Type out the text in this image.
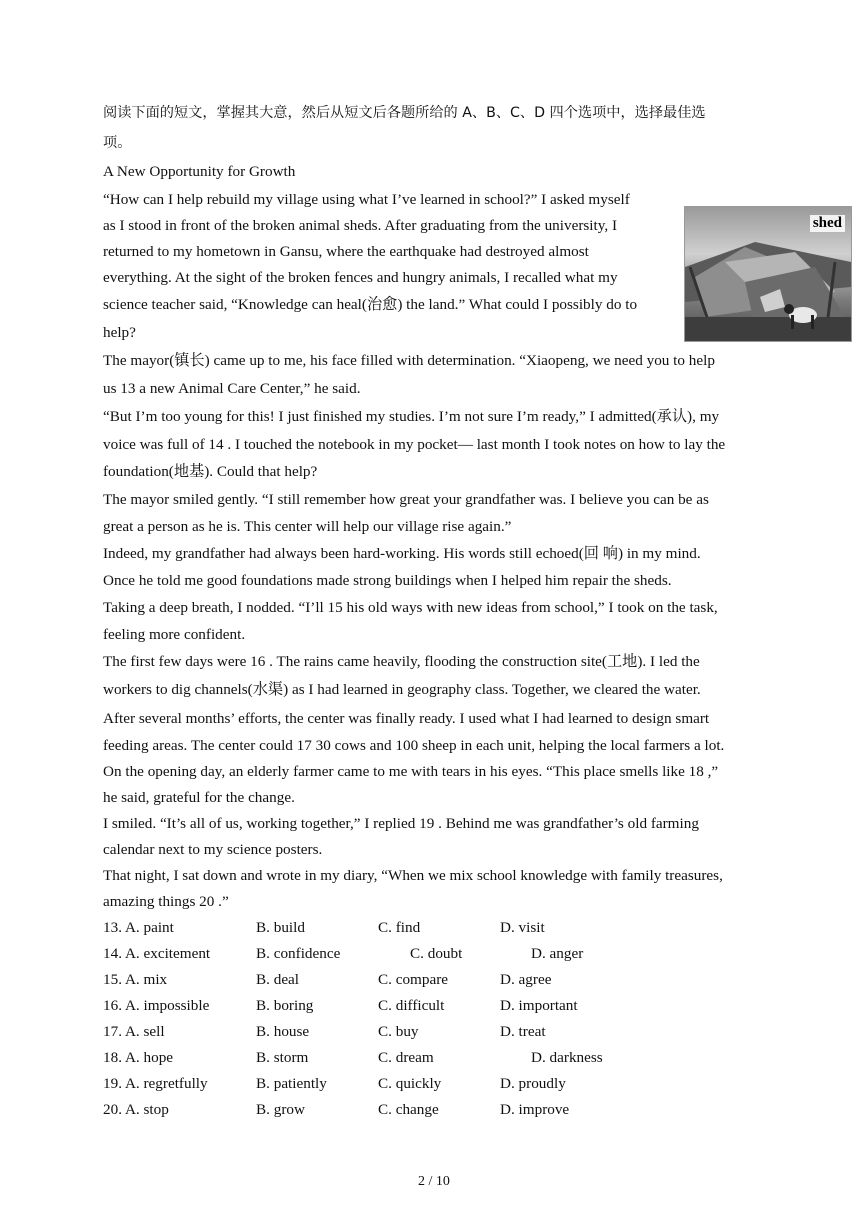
阅读下面的短文，掌握其大意，然后从短文后各题所给的 A、B、C、D 四个选项中，选择最佳选
项。
A New Opportunity for Growth
“How can I help rebuild my village using what I’ve learned in school?” I asked myself
as I stood in front of the broken animal sheds. After graduating from the university, I
returned to my hometown in Gansu, where the earthquake had destroyed almost
everything. At the sight of the broken fences and hungry animals, I recalled what my
science teacher said, “Knowledge can heal(治愈) the land.” What could I possibly do to
help?
The mayor(镇长) came up to me, his face filled with determination. “Xiaopeng, we need you to help
us 13 a new Animal Care Center,” he said.
“But I’m too young for this! I just finished my studies. I’m not sure I’m ready,” I admitted(承认), my
voice was full of 14 . I touched the notebook in my pocket— last month I took notes on how to lay the
foundation(地基). Could that help?
The mayor smiled gently. “I still remember how great your grandfather was. I believe you can be as
great a person as he is. This center will help our village rise again.”
Indeed, my grandfather had always been hard-working. His words still echoed(回 响) in my mind.
Once he told me good foundations made strong buildings when I helped him repair the sheds.
Taking a deep breath, I nodded. “I’ll 15 his old ways with new ideas from school,” I took on the task,
feeling more confident.
The first few days were 16 . The rains came heavily, flooding the construction site(工地). I led the
workers to dig channels(水渠) as I had learned in geography class. Together, we cleared the water.
After several months’ efforts, the center was finally ready. I used what I had learned to design smart
feeding areas. The center could 17 30 cows and 100 sheep in each unit, helping the local farmers a lot.
On the opening day, an elderly farmer came to me with tears in his eyes. “This place smells like 18 ,”
he said, grateful for the change.
I smiled. “It’s all of us, working together,” I replied 19 . Behind me was grandfather’s old farming
calendar next to my science posters.
That night, I sat down and wrote in my diary, “When we mix school knowledge with family treasures,
amazing things 20 .”
shed
13. A. paint	B. build	C. find	D. visit
14. A. excitement	B. confidence	C. doubt	D. anger
15. A. mix	B. deal	C. compare	D. agree
16. A. impossible	B. boring	C. difficult	D. important
17. A. sell	B. house	C. buy	D. treat
18. A. hope	B. storm	C. dream	D. darkness
19. A. regretfully	B. patiently	C. quickly	D. proudly
20. A. stop	B. grow	C. change	D. improve
2 / 10
